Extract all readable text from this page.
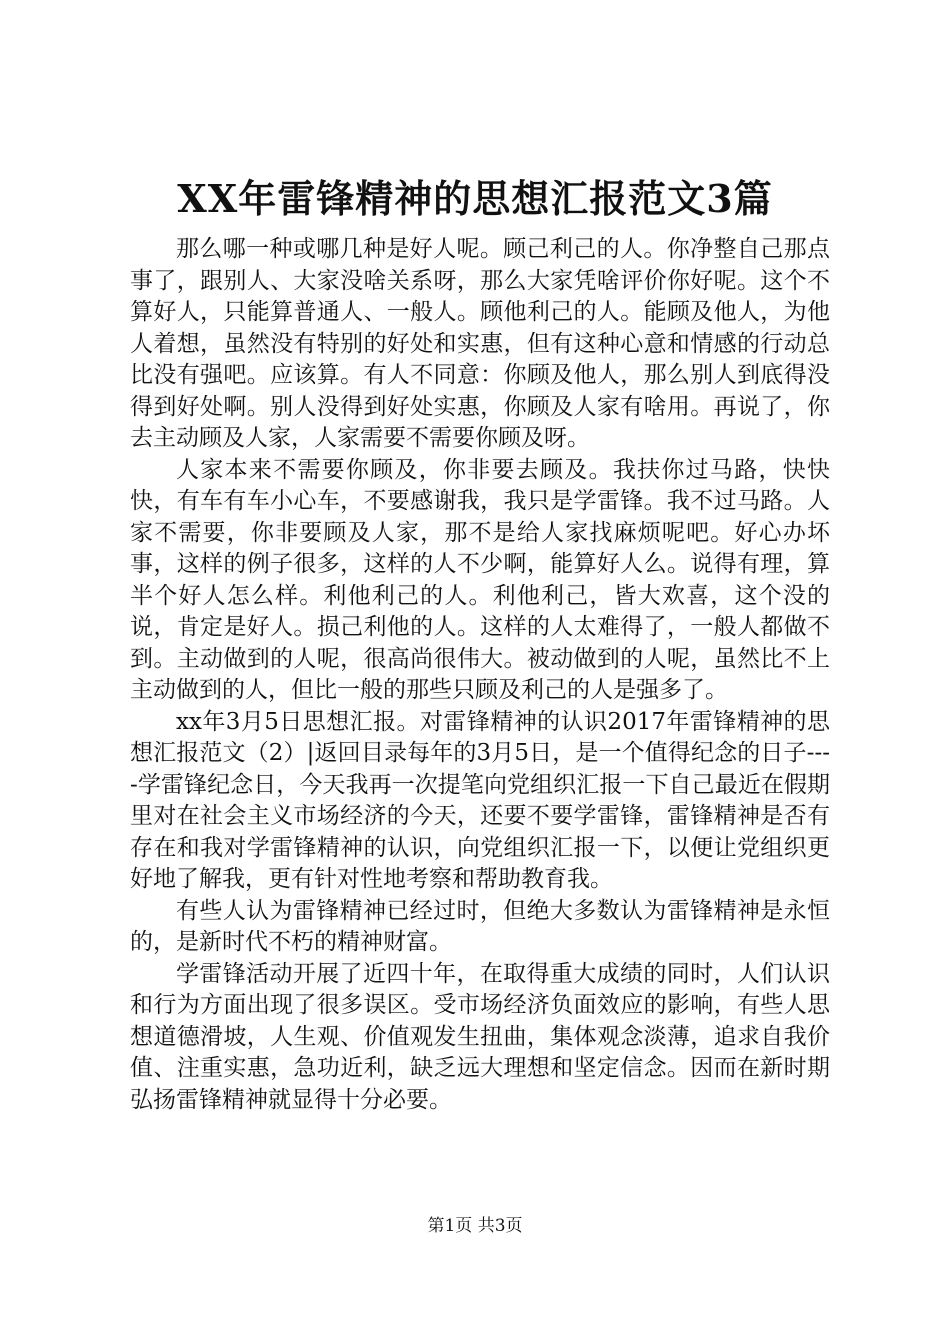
XX年雷锋精神的思想汇报范文3篇

那么哪一种或哪几种是好人呢。顾己利己的人。你净整自己那点事了，跟别人、大家没啥关系呀，那么大家凭啥评价你好呢。这个不算好人，只能算普通人、一般人。顾他利己的人。能顾及他人，为他人着想，虽然没有特别的好处和实惠，但有这种心意和情感的行动总比没有强吧。应该算。有人不同意：你顾及他人，那么别人到底得没得到好处啊。别人没得到好处实惠，你顾及人家有啥用。再说了，你去主动顾及人家，人家需要不需要你顾及呀。

人家本来不需要你顾及，你非要去顾及。我扶你过马路，快快快，有车有车小心车，不要感谢我，我只是学雷锋。我不过马路。人家不需要，你非要顾及人家，那不是给人家找麻烦呢吧。好心办坏事，这样的例子很多，这样的人不少啊，能算好人么。说得有理，算半个好人怎么样。利他利己的人。利他利己，皆大欢喜，这个没的说，肯定是好人。损己利他的人。这样的人太难得了，一般人都做不到。主动做到的人呢，很高尚很伟大。被动做到的人呢，虽然比不上主动做到的人，但比一般的那些只顾及利己的人是强多了。

xx年3月5日思想汇报。对雷锋精神的认识2017年雷锋精神的思想汇报范文（2）|返回目录每年的3月5日，是一个值得纪念的日子----学雷锋纪念日，今天我再一次提笔向党组织汇报一下自己最近在假期里对在社会主义市场经济的今天，还要不要学雷锋，雷锋精神是否有存在和我对学雷锋精神的认识，向党组织汇报一下，以便让党组织更好地了解我，更有针对性地考察和帮助教育我。

有些人认为雷锋精神已经过时，但绝大多数认为雷锋精神是永恒的，是新时代不朽的精神财富。

学雷锋活动开展了近四十年，在取得重大成绩的同时，人们认识和行为方面出现了很多误区。受市场经济负面效应的影响，有些人思想道德滑坡，人生观、价值观发生扭曲，集体观念淡薄，追求自我价值、注重实惠，急功近利，缺乏远大理想和坚定信念。因而在新时期弘扬雷锋精神就显得十分必要。

第1页 共3页
